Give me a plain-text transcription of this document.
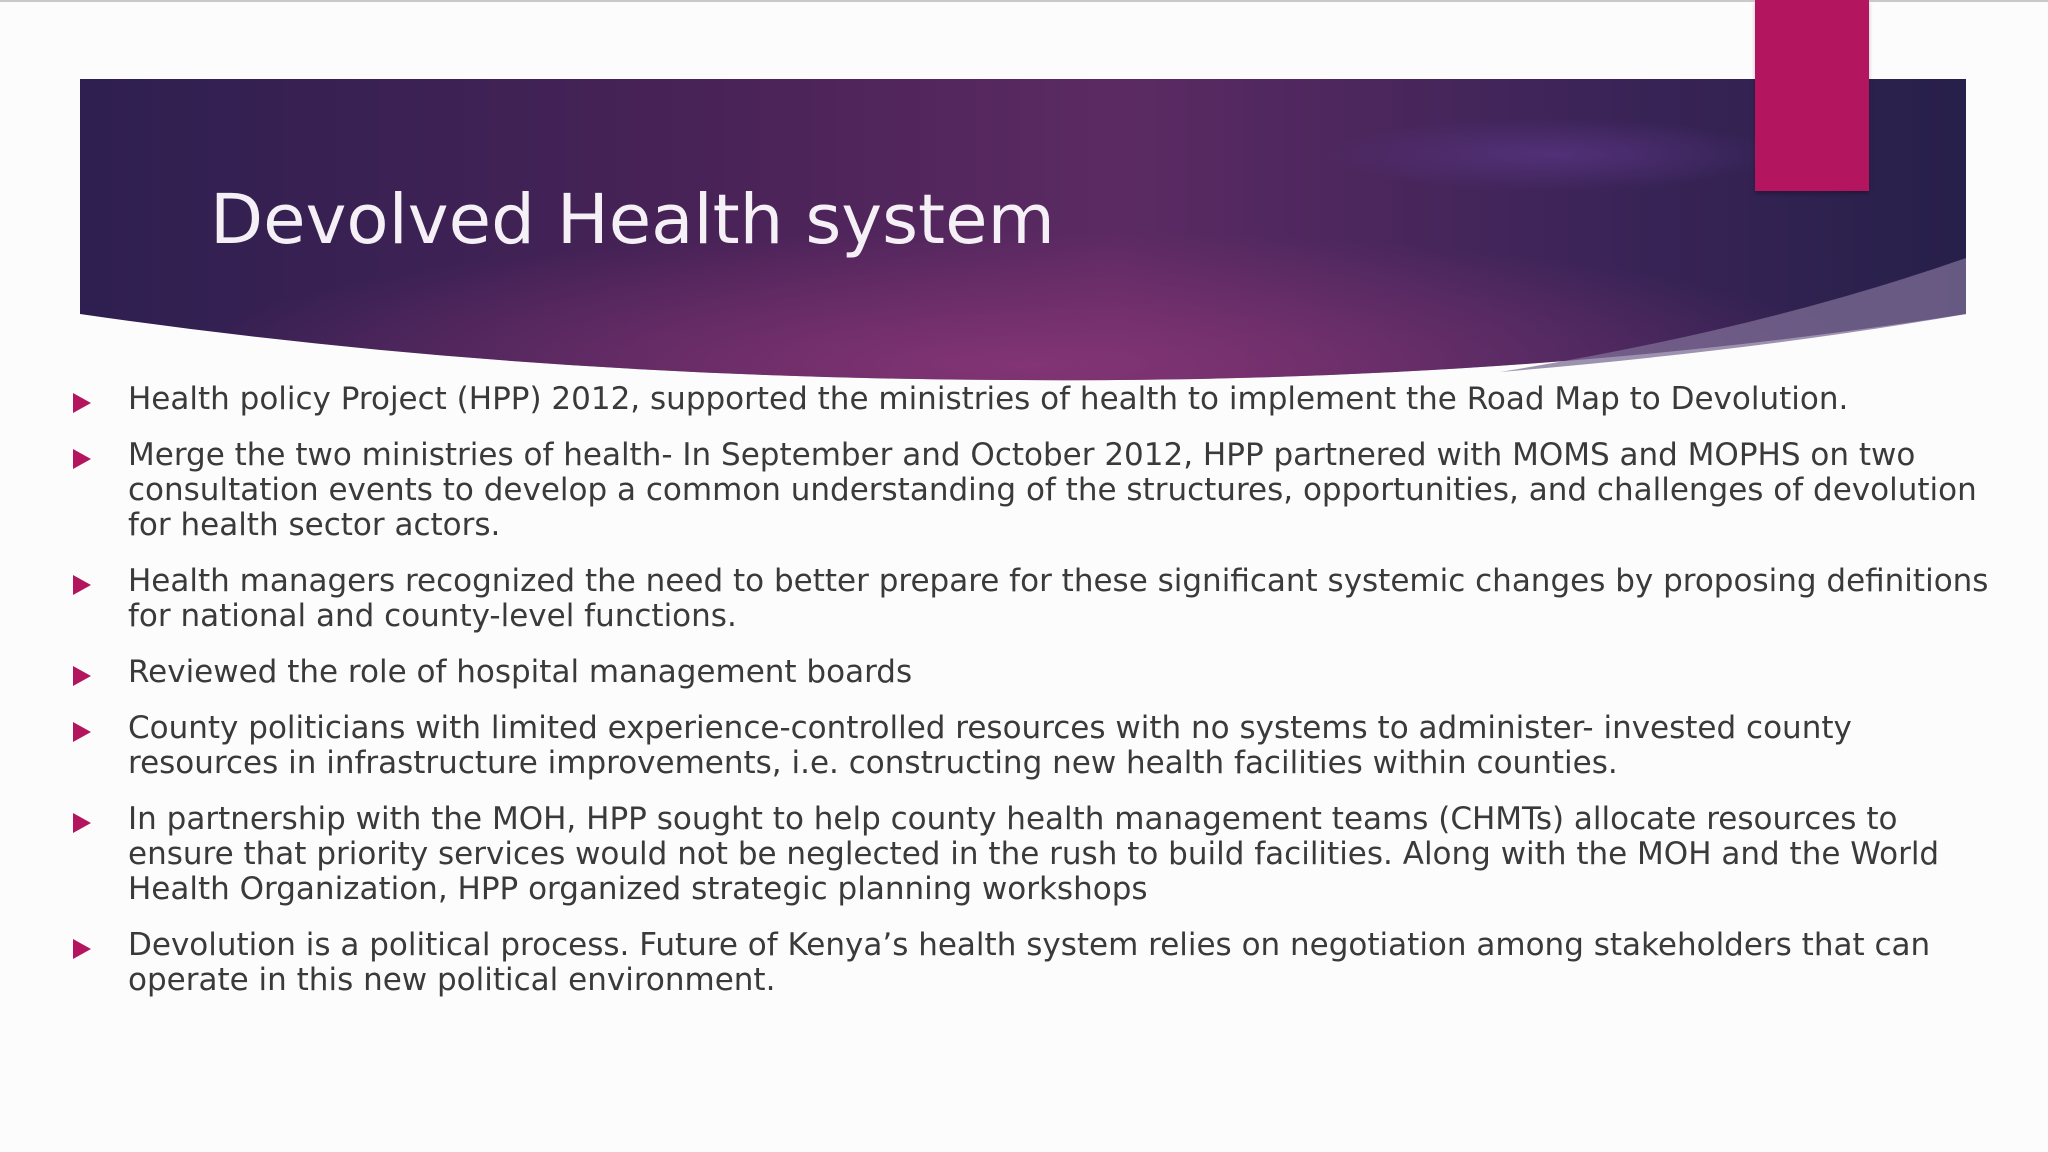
Devolved Health system
Health policy Project (HPP) 2012, supported the ministries of health to implement the Road Map to Devolution.
Merge the two ministries of health- In September and October 2012, HPP partnered with MOMS and MOPHS on two consultation events to develop a common understanding of the structures, opportunities, and challenges of devolution for health sector actors.
Health managers recognized the need to better prepare for these significant systemic changes by proposing definitions for national and county-level functions.
Reviewed the role of hospital management boards
County politicians with limited experience-controlled resources with no systems to administer- invested county resources in infrastructure improvements, i.e. constructing new health facilities within counties.
In partnership with the MOH, HPP sought to help county health management teams (CHMTs) allocate resources to ensure that priority services would not be neglected in the rush to build facilities. Along with the MOH and the World Health Organization, HPP organized strategic planning workshops
Devolution is a political process. Future of Kenya’s health system relies on negotiation among stakeholders that can operate in this new political environment.
